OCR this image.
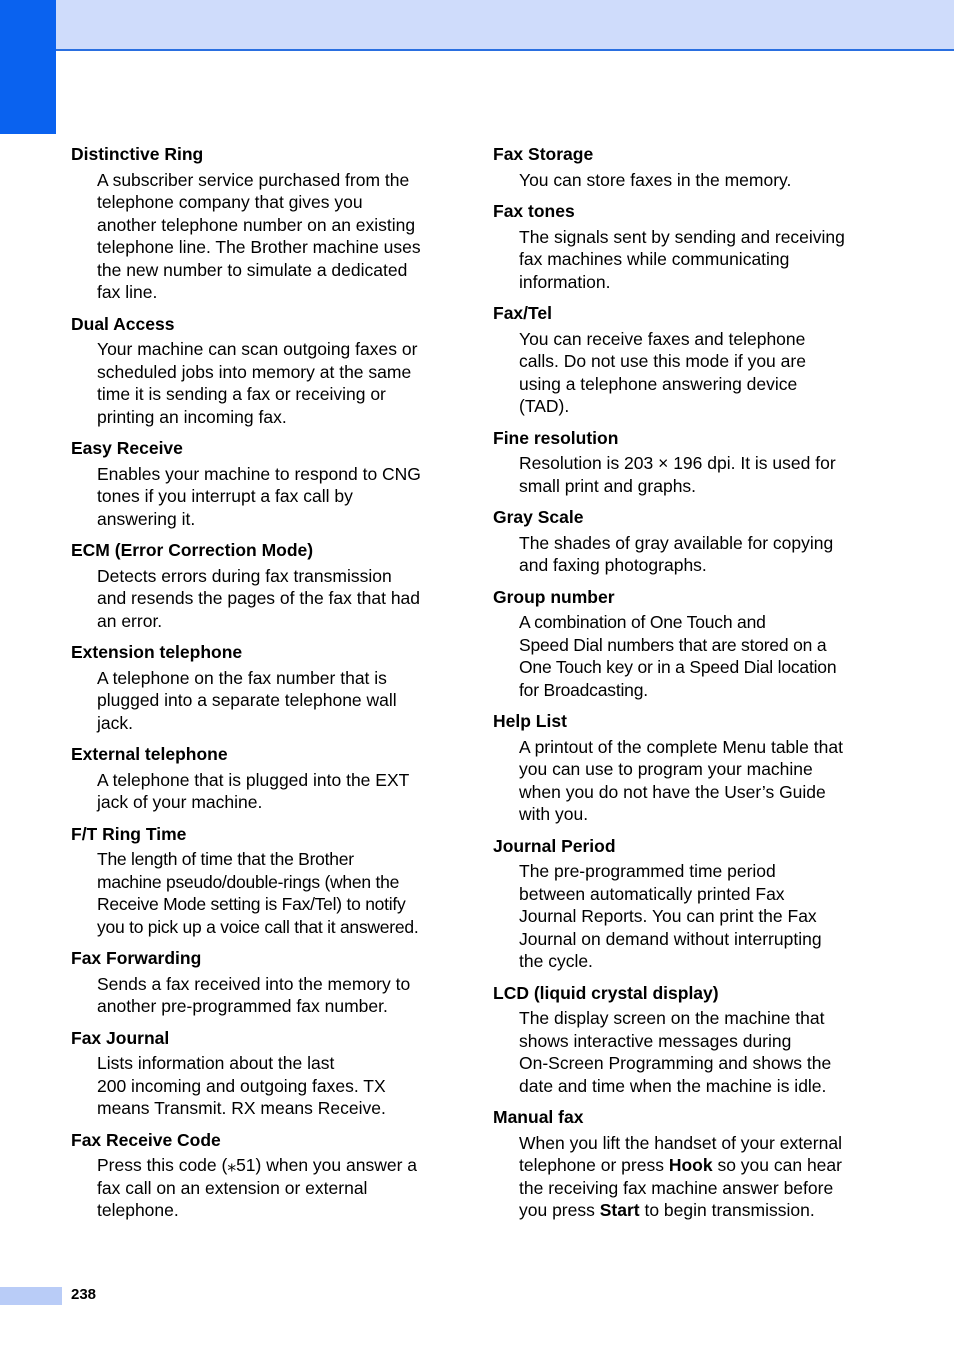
Distinctive Ring
A subscriber service purchased from the
telephone company that gives you
another telephone number on an existing
telephone line. The Brother machine uses
the new number to simulate a dedicated
fax line.
Dual Access
Your machine can scan outgoing faxes or
scheduled jobs into memory at the same
time it is sending a fax or receiving or
printing an incoming fax.
Easy Receive
Enables your machine to respond to CNG
tones if you interrupt a fax call by
answering it.
ECM (Error Correction Mode)
Detects errors during fax transmission
and resends the pages of the fax that had
an error.
Extension telephone
A telephone on the fax number that is
plugged into a separate telephone wall
jack.
External telephone
A telephone that is plugged into the EXT
jack of your machine.
F/T Ring Time
The length of time that the Brother
machine pseudo/double-rings (when the
Receive Mode setting is Fax/Tel) to notify
you to pick up a voice call that it answered.
Fax Forwarding
Sends a fax received into the memory to
another pre-programmed fax number.
Fax Journal
Lists information about the last
200 incoming and outgoing faxes. TX
means Transmit. RX means Receive.
Fax Receive Code
Press this code (⁎51) when you answer a
fax call on an extension or external
telephone.
Fax Storage
You can store faxes in the memory.
Fax tones
The signals sent by sending and receiving
fax machines while communicating
information.
Fax/Tel
You can receive faxes and telephone
calls. Do not use this mode if you are
using a telephone answering device
(TAD).
Fine resolution
Resolution is 203 × 196 dpi. It is used for
small print and graphs.
Gray Scale
The shades of gray available for copying
and faxing photographs.
Group number
A combination of One Touch and
Speed Dial numbers that are stored on a
One Touch key or in a Speed Dial location
for Broadcasting.
Help List
A printout of the complete Menu table that
you can use to program your machine
when you do not have the User’s Guide
with you.
Journal Period
The pre-programmed time period
between automatically printed Fax
Journal Reports. You can print the Fax
Journal on demand without interrupting
the cycle.
LCD (liquid crystal display)
The display screen on the machine that
shows interactive messages during
On-Screen Programming and shows the
date and time when the machine is idle.
Manual fax
When you lift the handset of your external
telephone or press Hook so you can hear
the receiving fax machine answer before
you press Start to begin transmission.
238
